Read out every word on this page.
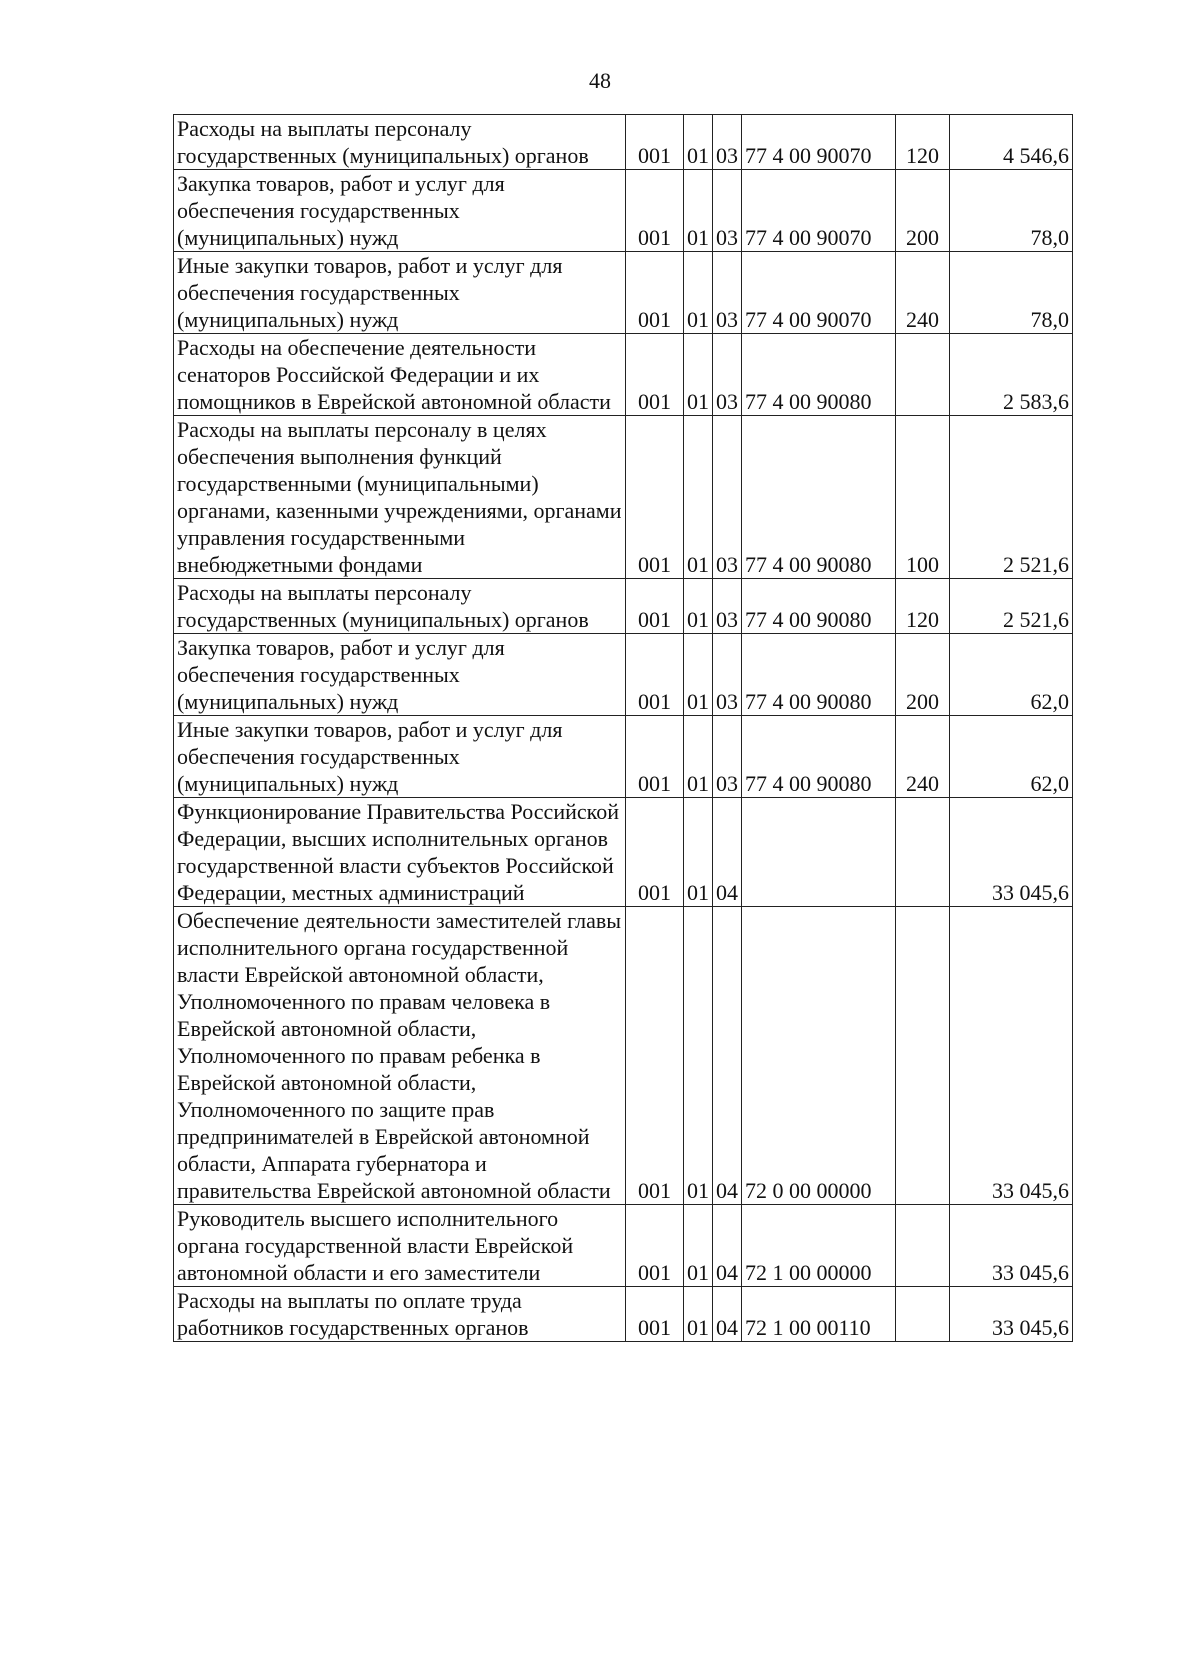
48
Расходы на выплаты персоналу государственных (муниципальных) органов	001	01	03	77 4 00 90070	120	4 546,6
Закупка товаров, работ и услуг для обеспечения государственных (муниципальных) нужд	001	01	03	77 4 00 90070	200	78,0
Иные закупки товаров, работ и услуг для обеспечения государственных (муниципальных) нужд	001	01	03	77 4 00 90070	240	78,0
Расходы на обеспечение деятельности сенаторов Российской Федерации и их помощников в Еврейской автономной области	001	01	03	77 4 00 90080		2 583,6
Расходы на выплаты персоналу в целях обеспечения выполнения функций государственными (муниципальными) органами, казенными учреждениями, органами управления государственными внебюджетными фондами	001	01	03	77 4 00 90080	100	2 521,6
Расходы на выплаты персоналу государственных (муниципальных) органов	001	01	03	77 4 00 90080	120	2 521,6
Закупка товаров, работ и услуг для обеспечения государственных (муниципальных) нужд	001	01	03	77 4 00 90080	200	62,0
Иные закупки товаров, работ и услуг для обеспечения государственных (муниципальных) нужд	001	01	03	77 4 00 90080	240	62,0
Функционирование Правительства Российской Федерации, высших исполнительных органов государственной власти субъектов Российской Федерации, местных администраций	001	01	04			33 045,6
Обеспечение деятельности заместителей главы исполнительного органа государственной власти Еврейской автономной области, Уполномоченного по правам человека в Еврейской автономной области, Уполномоченного по правам ребенка в Еврейской автономной области, Уполномоченного по защите прав предпринимателей в Еврейской автономной области, Аппарата губернатора и правительства Еврейской автономной области	001	01	04	72 0 00 00000		33 045,6
Руководитель высшего исполнительного органа государственной власти Еврейской автономной области и его заместители	001	01	04	72 1 00 00000		33 045,6
Расходы на выплаты по оплате труда работников государственных органов	001	01	04	72 1 00 00110		33 045,6
